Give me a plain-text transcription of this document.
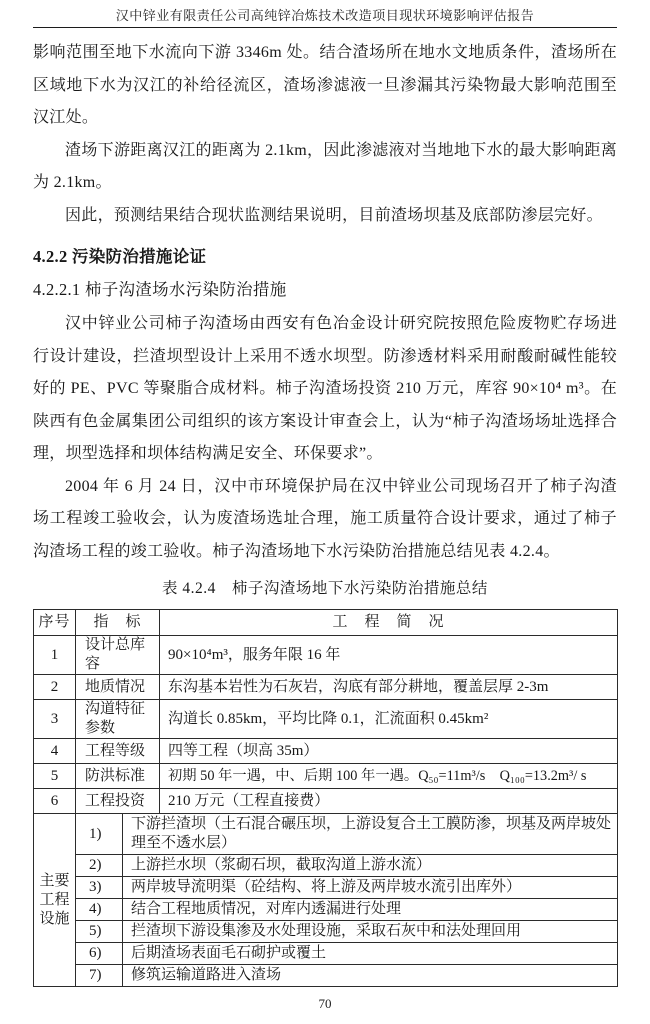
汉中锌业有限责任公司高纯锌冶炼技术改造项目现状环境影响评估报告

影响范围至地下水流向下游 3346m 处。结合渣场所在地水文地质条件，渣场所在区域地下水为汉江的补给径流区，渣场渗滤液一旦渗漏其污染物最大影响范围至汉江处。

渣场下游距离汉江的距离为 2.1km，因此渗滤液对当地地下水的最大影响距离为 2.1km。

因此，预测结果结合现状监测结果说明，目前渣场坝基及底部防渗层完好。

4.2.2 污染防治措施论证
4.2.2.1 柿子沟渣场水污染防治措施

汉中锌业公司柿子沟渣场由西安有色冶金设计研究院按照危险废物贮存场进行设计建设，拦渣坝型设计上采用不透水坝型。防渗透材料采用耐酸耐碱性能较好的 PE、PVC 等聚脂合成材料。柿子沟渣场投资 210 万元，库容 90×10⁴ m³。在陕西有色金属集团公司组织的该方案设计审查会上，认为“柿子沟渣场场址选择合理，坝型选择和坝体结构满足安全、环保要求”。

2004 年 6 月 24 日，汉中市环境保护局在汉中锌业公司现场召开了柿子沟渣场工程竣工验收会，认为废渣场选址合理，施工质量符合设计要求，通过了柿子沟渣场工程的竣工验收。柿子沟渣场地下水污染防治措施总结见表 4.2.4。

表 4.2.4　柿子沟渣场地下水污染防治措施总结
序号	指　标		工　程　简　况
1	设计总库容		90×10⁴m³，服务年限 16 年
2	地质情况		东沟基本岩性为石灰岩，沟底有部分耕地，覆盖层厚 2-3m
3	沟道特征参数		沟道长 0.85km，平均比降 0.1，汇流面积 0.45km²
4	工程等级		四等工程（坝高 35m）
5	防洪标准		初期 50 年一遇，中、后期 100 年一遇。Q₅₀=11m³/s　Q₁₀₀=13.2m³/ s
6	工程投资		210 万元（工程直接费）
主要工程设施	1)	下游拦渣坝（土石混合碾压坝，上游设复合土工膜防渗，坝基及两岸坡处理至不透水层）	
	2)	上游拦水坝（浆砌石坝，截取沟道上游水流）	
	3)	两岸坡导流明渠（砼结构、将上游及两岸坡水流引出库外）	
	4)	结合工程地质情况，对库内透漏进行处理	
	5)	拦渣坝下游设集渗及水处理设施，采取石灰中和法处理回用	
	6)	后期渣场表面毛石砌护或覆土	
	7)	修筑运输道路进入渣场	
70
